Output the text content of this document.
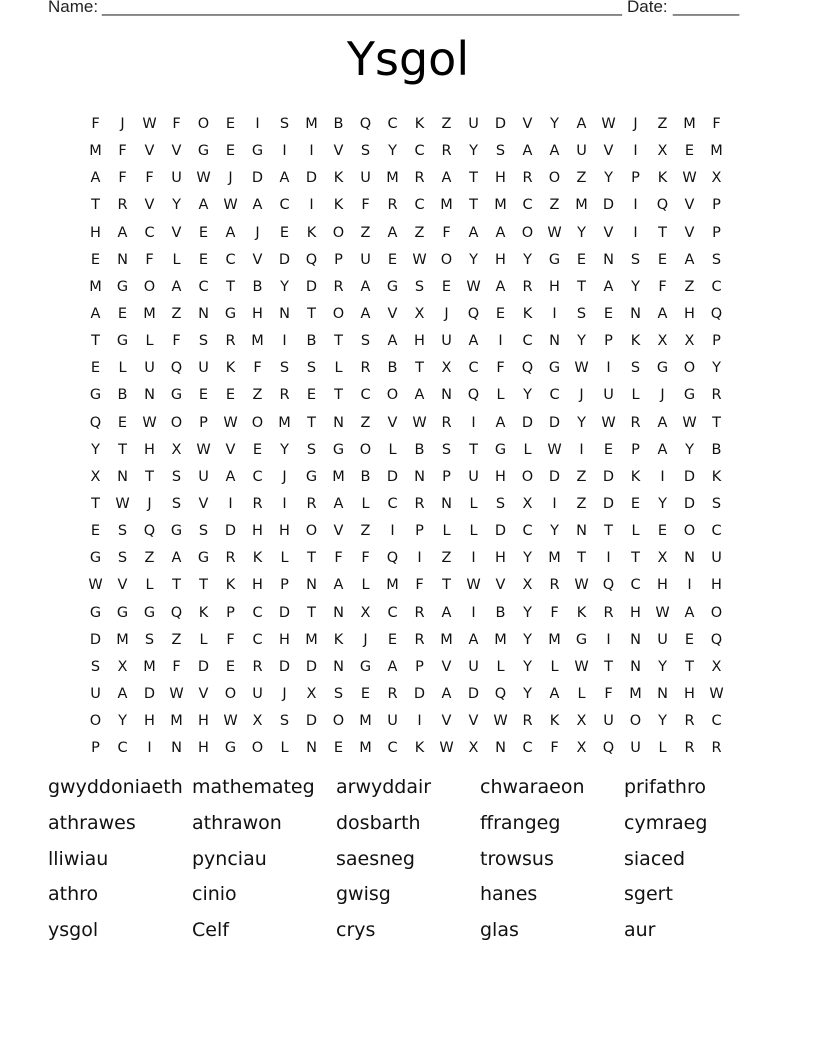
Name: _______________________________________________________ Date: _______
Ysgol
F J W F O E I S M B Q C K Z U D V Y A W J Z M F
M F V V G E G I I V S Y C R Y S A A U V I X E M
A F F U W J D A D K U M R A T H R O Z Y P K W X
T R V Y A W A C I K F R C M T M C Z M D I Q V P
H A C V E A J E K O Z A Z F A A O W Y V I T V P
E N F L E C V D Q P U E W O Y H Y G E N S E A S
M G O A C T B Y D R A G S E W A R H T A Y F Z C
A E M Z N G H N T O A V X J Q E K I S E N A H Q
T G L F S R M I B T S A H U A I C N Y P K X X P
E L U Q U K F S S L R B T X C F Q G W I S G O Y
G B N G E E Z R E T C O A N Q L Y C J U L J G R
Q E W O P W O M T N Z V W R I A D D Y W R A W T
Y T H X W V E Y S G O L B S T G L W I E P A Y B
X N T S U A C J G M B D N P U H O D Z D K I D K
T W J S V I R I R A L C R N L S X I Z D E Y D S
E S Q G S D H H O V Z I P L L D C Y N T L E O C
G S Z A G R K L T F F Q I Z I H Y M T I T X N U
W V L T T K H P N A L M F T W V X R W Q C H I H
G G G Q K P C D T N X C R A I B Y F K R H W A O
D M S Z L F C H M K J E R M A M Y M G I N U E Q
S X M F D E R D D N G A P V U L Y L W T N Y T X
U A D W V O U J X S E R D A D Q Y A L F M N H W
O Y H M H W X S D O M U I V V W R K X U O Y R C
P C I N H G O L N E M C K W X N C F X Q U L R R
gwyddoniaeth mathemateg arwyddair	chwaraeon prifathro
athrawes	athrawon	dosbarth	ffrangeg	cymraeg
lliwiau	pynciau	saesneg	trowsus	siaced
athro	cinio	gwisg	hanes	sgert
ysgol	Celf	crys	glas	aur
